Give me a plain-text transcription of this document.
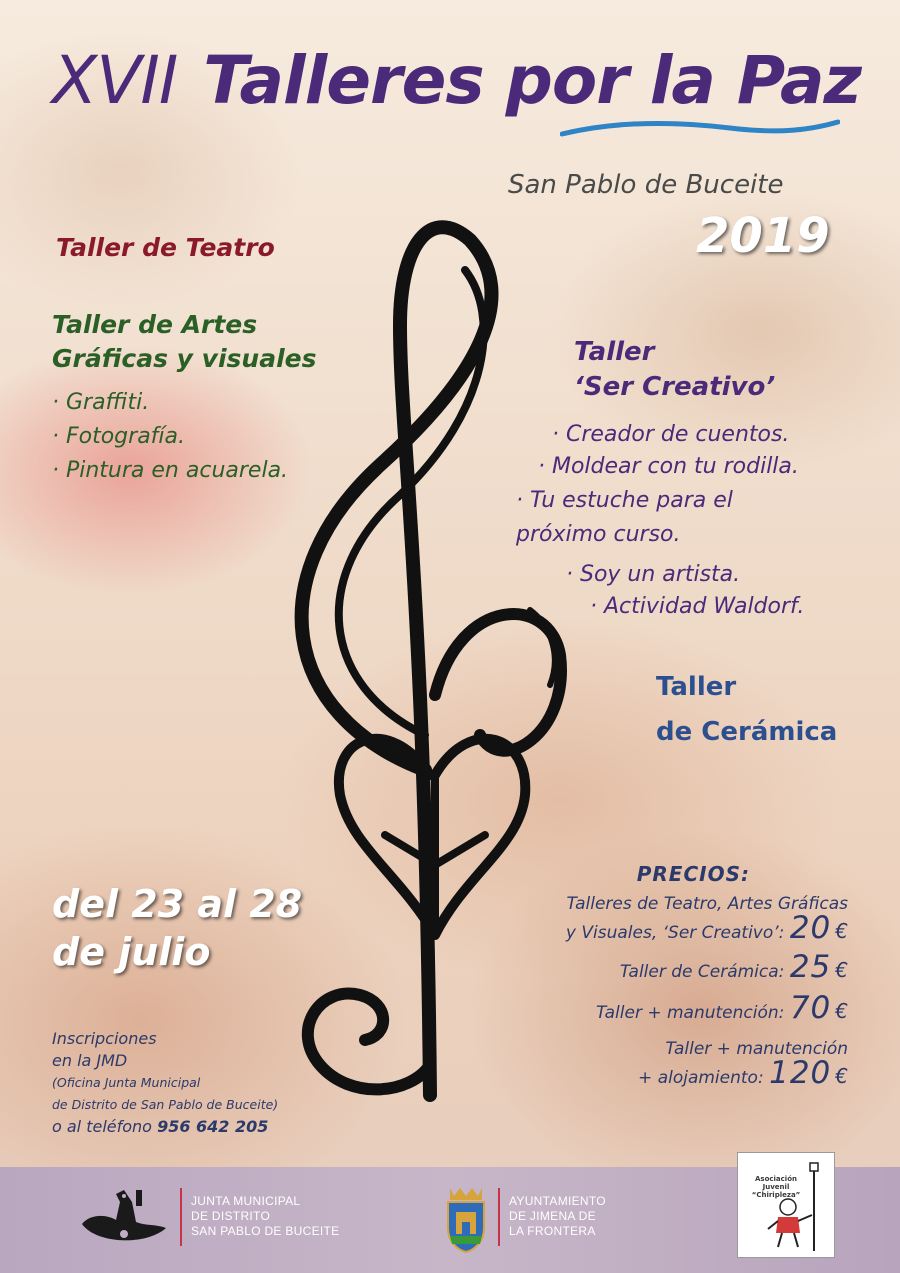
XVII Talleres por la Paz
San Pablo de Buceite
2019
Taller de Teatro
Taller de Artes
Gráficas y visuales
· Graffiti.
· Fotografía.
· Pintura en acuarela.
Taller
‘Ser Creativo’
· Creador de cuentos.
· Moldear con tu rodilla.
· Tu estuche para el
próximo curso.
· Soy un artista.
· Actividad Waldorf.
Taller
de Cerámica
del 23 al 28
de julio
Inscripciones
en la JMD
(Oficina Junta Municipal
de Distrito de San Pablo de Buceite)
o al teléfono 956 642 205
PRECIOS:
Talleres de Teatro, Artes Gráficas
y Visuales, ‘Ser Creativo’: 20 €
Taller de Cerámica: 25 €
Taller + manutención: 70 €
Taller + manutención
+ alojamiento: 120 €
JUNTA MUNICIPAL
DE DISTRITO
SAN PABLO DE BUCEITE
AYUNTAMIENTO
DE JIMENA DE
LA FRONTERA
Asociación Juvenil
“Chiripleza”
